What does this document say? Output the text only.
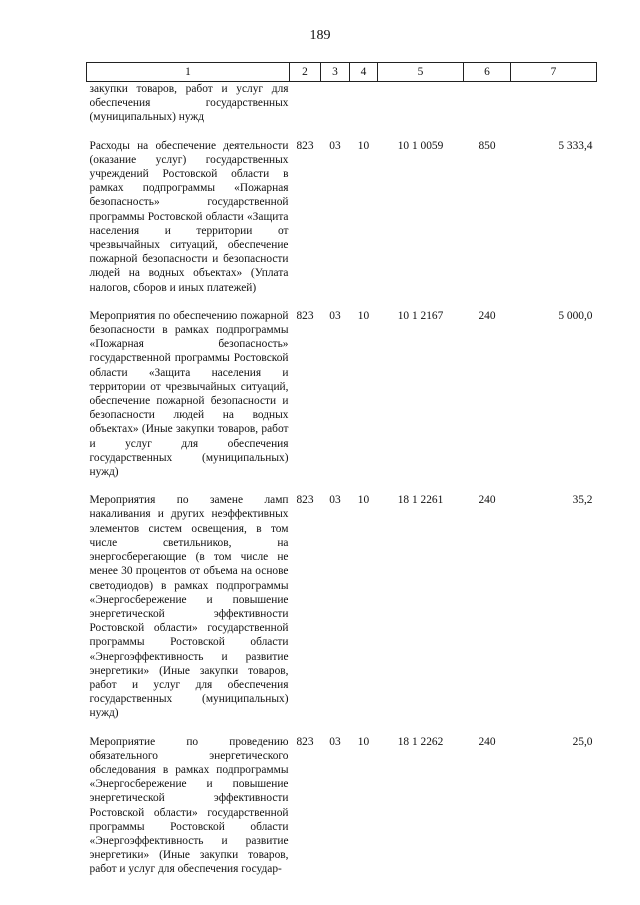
189
1	2	3	4	5	6	7
закупки товаров, работ и услуг для обеспечения государственных (муниципальных) нужд						
Расходы на обеспечение деятельности (оказание услуг) государственных учреждений Ростовской области в рамках подпрограммы «Пожарная безопасность» государственной программы Ростовской области «Защита населения и территории от чрезвычайных ситуаций, обеспечение пожарной безопасности и безопасности людей на водных объектах» (Уплата налогов, сборов и иных платежей)	823	03	10	10 1 0059	850	5 333,4
Мероприятия по обеспечению пожарной безопасности в рамках подпрограммы «Пожарная безопасность» государственной программы Ростовской области «Защита населения и территории от чрезвычайных ситуаций, обеспечение пожарной безопасности и безопасности людей на водных объектах» (Иные закупки товаров, работ и услуг для обеспечения государственных (муниципальных) нужд)	823	03	10	10 1 2167	240	5 000,0
Мероприятия по замене ламп накаливания и других неэффективных элементов систем освещения, в том числе светильников, на энергосберегающие (в том числе не менее 30 процентов от объема на основе светодиодов) в рамках подпрограммы «Энергосбережение и повышение энергетической эффективности Ростовской области» государственной программы Ростовской области «Энергоэффективность и развитие энергетики» (Иные закупки товаров, работ и услуг для обеспечения государственных (муниципальных) нужд)	823	03	10	18 1 2261	240	35,2
Мероприятие по проведению обязательного энергетического обследования в рамках подпрограммы «Энергосбережение и повышение энергетической эффективности Ростовской области» государственной программы Ростовской области «Энергоэффективность и развитие энергетики» (Иные закупки товаров, работ и услуг для обеспечения государ-	823	03	10	18 1 2262	240	25,0
